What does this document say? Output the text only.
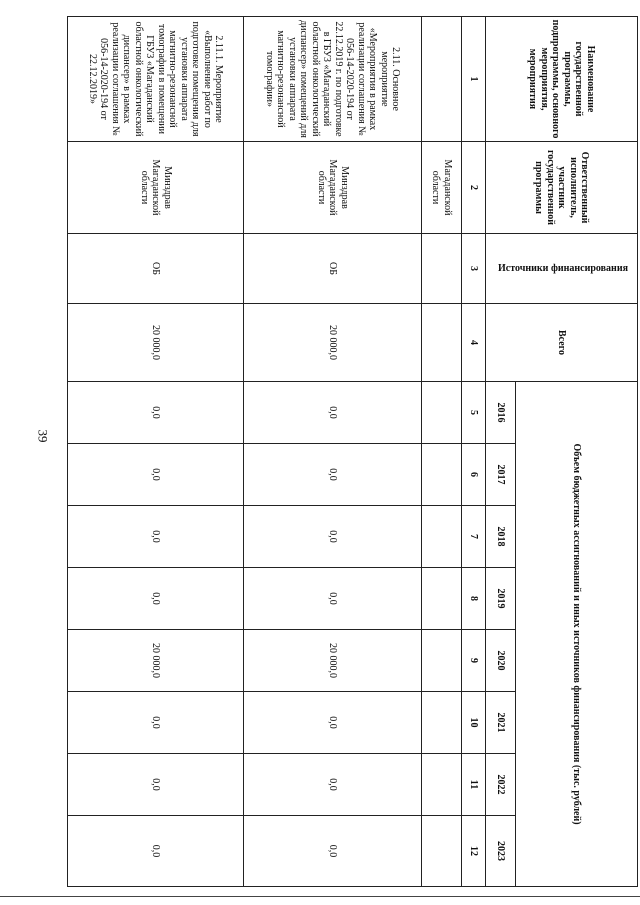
39
Наименование государственной программы, подпрограммы, основного мероприятия, мероприятия	Ответственный исполнитель, участник государственной программы	Источники финансирования	Всего	Объем бюджетных ассигнований и иных источников финансирования (тыс. рублей)							
				2016	2017	2018	2019	2020	2021	2022	2023
1	2	3	4	5	6	7	8	9	10	11	12
	Магаданской области										
2.11. Основное мероприятие «Мероприятия в рамках реализации соглашения № 056-14-2020-194 от 22.12.2019 г. по подготовке в ГБУЗ «Магаданский областной онкологический диспансер» помещений для установки аппарата магнитно-резонансной томографии»	Минздрав Магаданской области	ОБ	20 000,0	0,0	0,0	0,0	0,0	20 000,0	0,0	0,0	0,0
2.11.1. Мероприятие «Выполнение работ по подготовке помещения для установки аппарата магнитно-резонансной томографии в помещении ГБУЗ «Магаданский областной онкологический диспансер» в рамках реализации соглашения № 056-14-2020-194 от 22.12.2019»	Минздрав Магаданской области	ОБ	20 000,0	0,0	0,0	0,0	0,0	20 000,0	0,0	0,0	0,0
